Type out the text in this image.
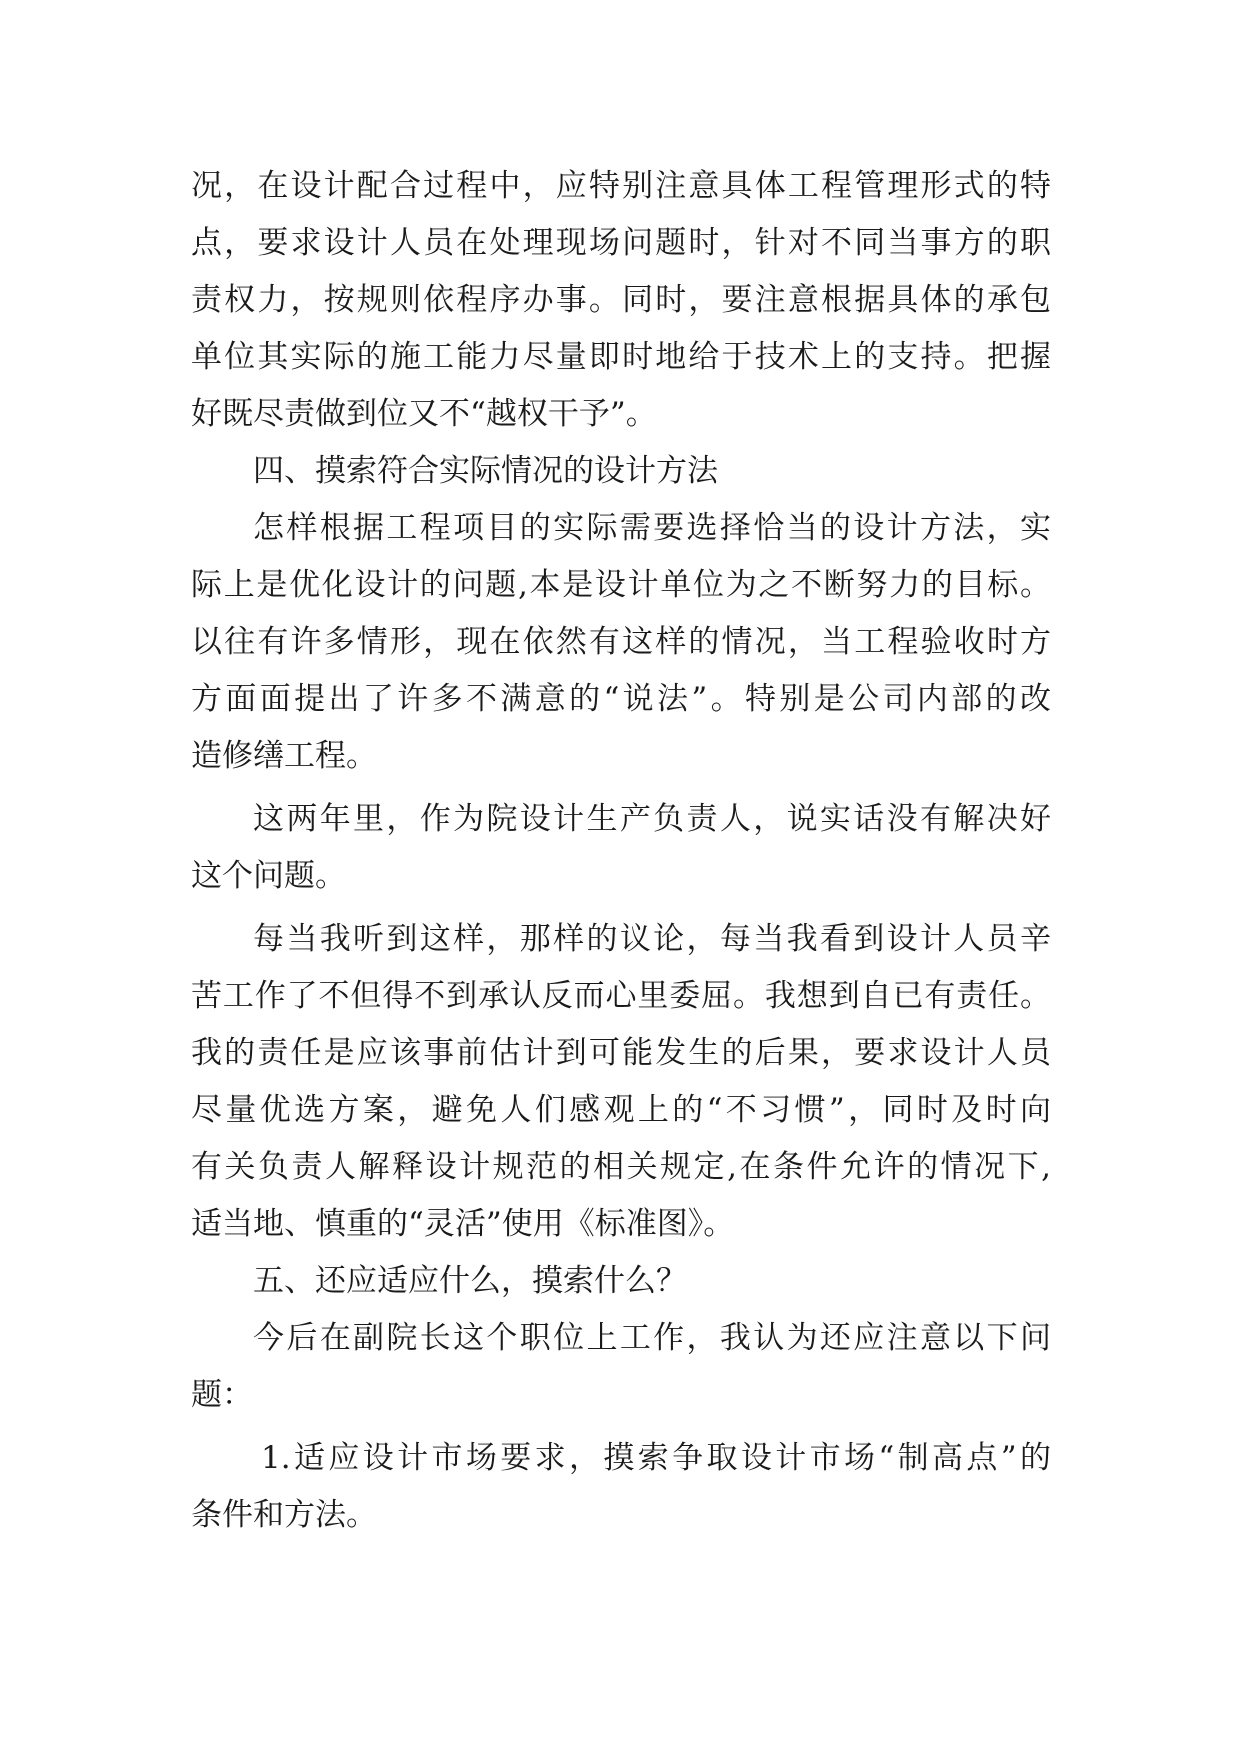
况，在设计配合过程中，应特别注意具体工程管理形式的特
点，要求设计人员在处理现场问题时，针对不同当事方的职
责权力，按规则依程序办事。同时，要注意根据具体的承包
单位其实际的施工能力尽量即时地给于技术上的支持。把握
好既尽责做到位又不“越权干予”。
四、摸索符合实际情况的设计方法
怎样根据工程项目的实际需要选择恰当的设计方法，实
际上是优化设计的问题,本是设计单位为之不断努力的目标。
以往有许多情形，现在依然有这样的情况，当工程验收时方
方面面提出了许多不满意的“说法”。特别是公司内部的改
造修缮工程。
这两年里，作为院设计生产负责人，说实话没有解决好
这个问题。
每当我听到这样，那样的议论，每当我看到设计人员辛
苦工作了不但得不到承认反而心里委屈。我想到自已有责任。
我的责任是应该事前估计到可能发生的后果，要求设计人员
尽量优选方案，避免人们感观上的“不习惯”，同时及时向
有关负责人解释设计规范的相关规定,在条件允许的情况下,
适当地、慎重的“灵活”使用《标准图》。
五、还应适应什么，摸索什么？
今后在副院长这个职位上工作，我认为还应注意以下问
题：
1.适应设计市场要求，摸索争取设计市场“制高点”的
条件和方法。
